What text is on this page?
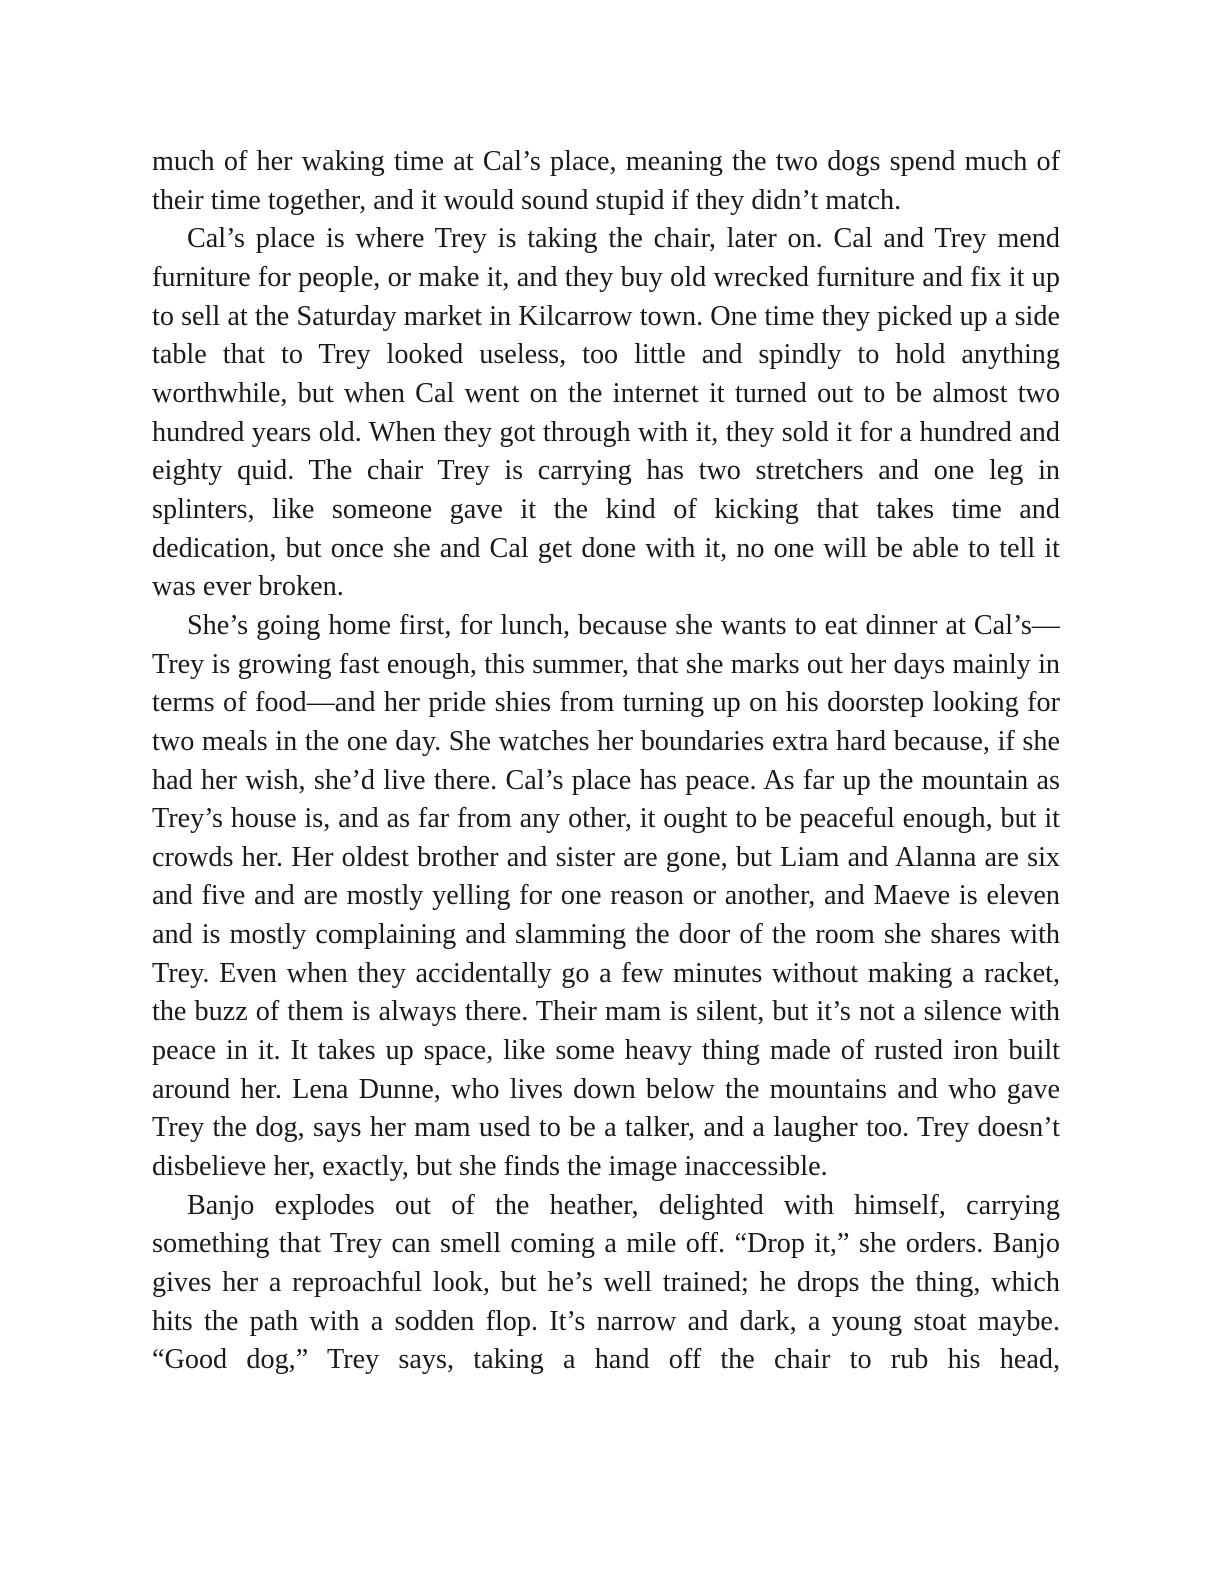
much of her waking time at Cal’s place, meaning the two dogs spend much of their time together, and it would sound stupid if they didn’t match.

Cal’s place is where Trey is taking the chair, later on. Cal and Trey mend furniture for people, or make it, and they buy old wrecked furniture and fix it up to sell at the Saturday market in Kilcarrow town. One time they picked up a side table that to Trey looked useless, too little and spindly to hold anything worthwhile, but when Cal went on the internet it turned out to be almost two hundred years old. When they got through with it, they sold it for a hundred and eighty quid. The chair Trey is carrying has two stretchers and one leg in splinters, like someone gave it the kind of kicking that takes time and dedication, but once she and Cal get done with it, no one will be able to tell it was ever broken.

She’s going home first, for lunch, because she wants to eat dinner at Cal’s—Trey is growing fast enough, this summer, that she marks out her days mainly in terms of food—and her pride shies from turning up on his doorstep looking for two meals in the one day. She watches her boundaries extra hard because, if she had her wish, she’d live there. Cal’s place has peace. As far up the mountain as Trey’s house is, and as far from any other, it ought to be peaceful enough, but it crowds her. Her oldest brother and sister are gone, but Liam and Alanna are six and five and are mostly yelling for one reason or another, and Maeve is eleven and is mostly complaining and slamming the door of the room she shares with Trey. Even when they accidentally go a few minutes without making a racket, the buzz of them is always there. Their mam is silent, but it’s not a silence with peace in it. It takes up space, like some heavy thing made of rusted iron built around her. Lena Dunne, who lives down below the mountains and who gave Trey the dog, says her mam used to be a talker, and a laugher too. Trey doesn’t disbelieve her, exactly, but she finds the image inaccessible.

Banjo explodes out of the heather, delighted with himself, carrying something that Trey can smell coming a mile off. “Drop it,” she orders. Banjo gives her a reproachful look, but he’s well trained; he drops the thing, which hits the path with a sodden flop. It’s narrow and dark, a young stoat maybe. “Good dog,” Trey says, taking a hand off the chair to rub his head,
